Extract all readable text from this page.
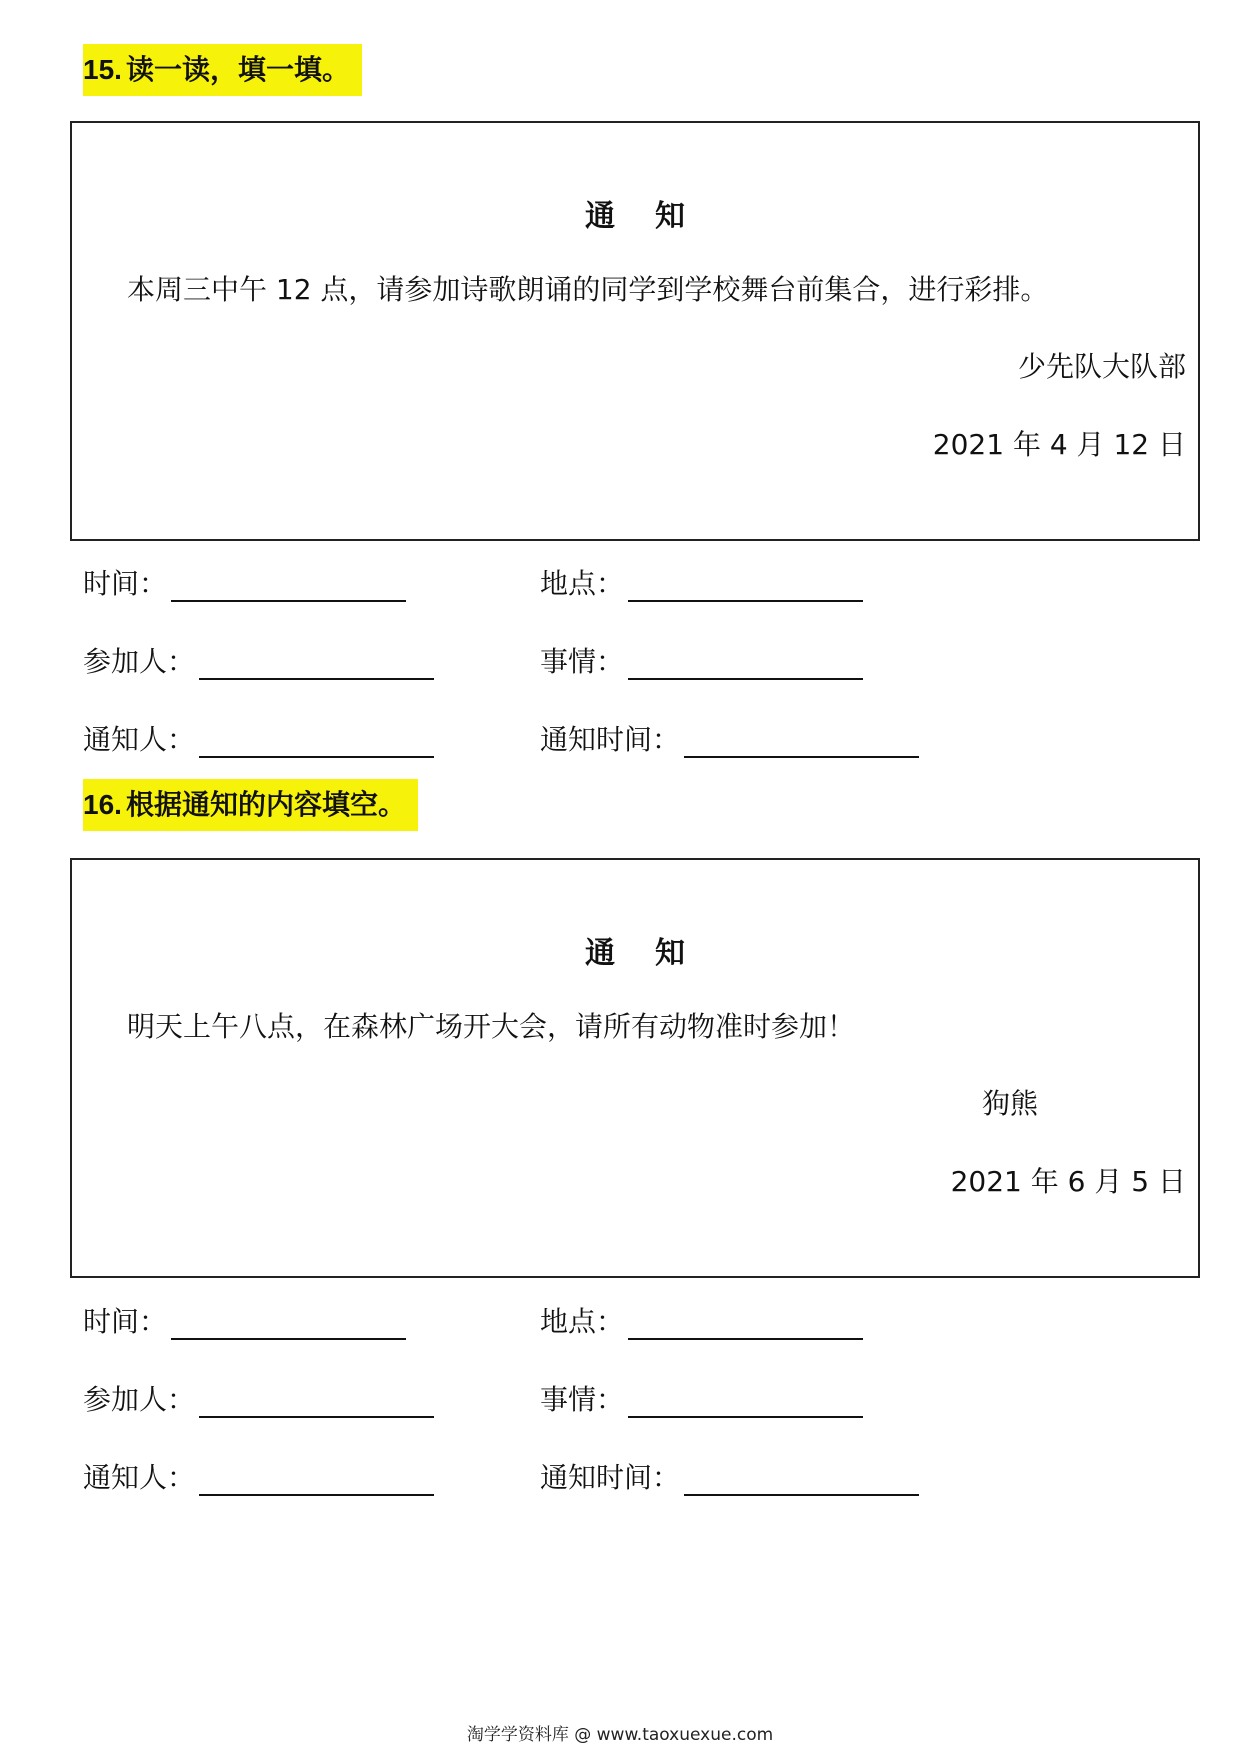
15. 读一读，填一填。
通知
本周三中午 12 点，请参加诗歌朗诵的同学到学校舞台前集合，进行彩排。
少先队大队部
2021 年 4 月 12 日
时间：	地点：
参加人：	事情：
通知人：	通知时间：
16. 根据通知的内容填空。
通知
明天上午八点，在森林广场开大会，请所有动物准时参加！
狗熊
2021 年 6 月 5 日
时间：	地点：
参加人：	事情：
通知人：	通知时间：
淘学学资料库 @ www.taoxuexue.com
